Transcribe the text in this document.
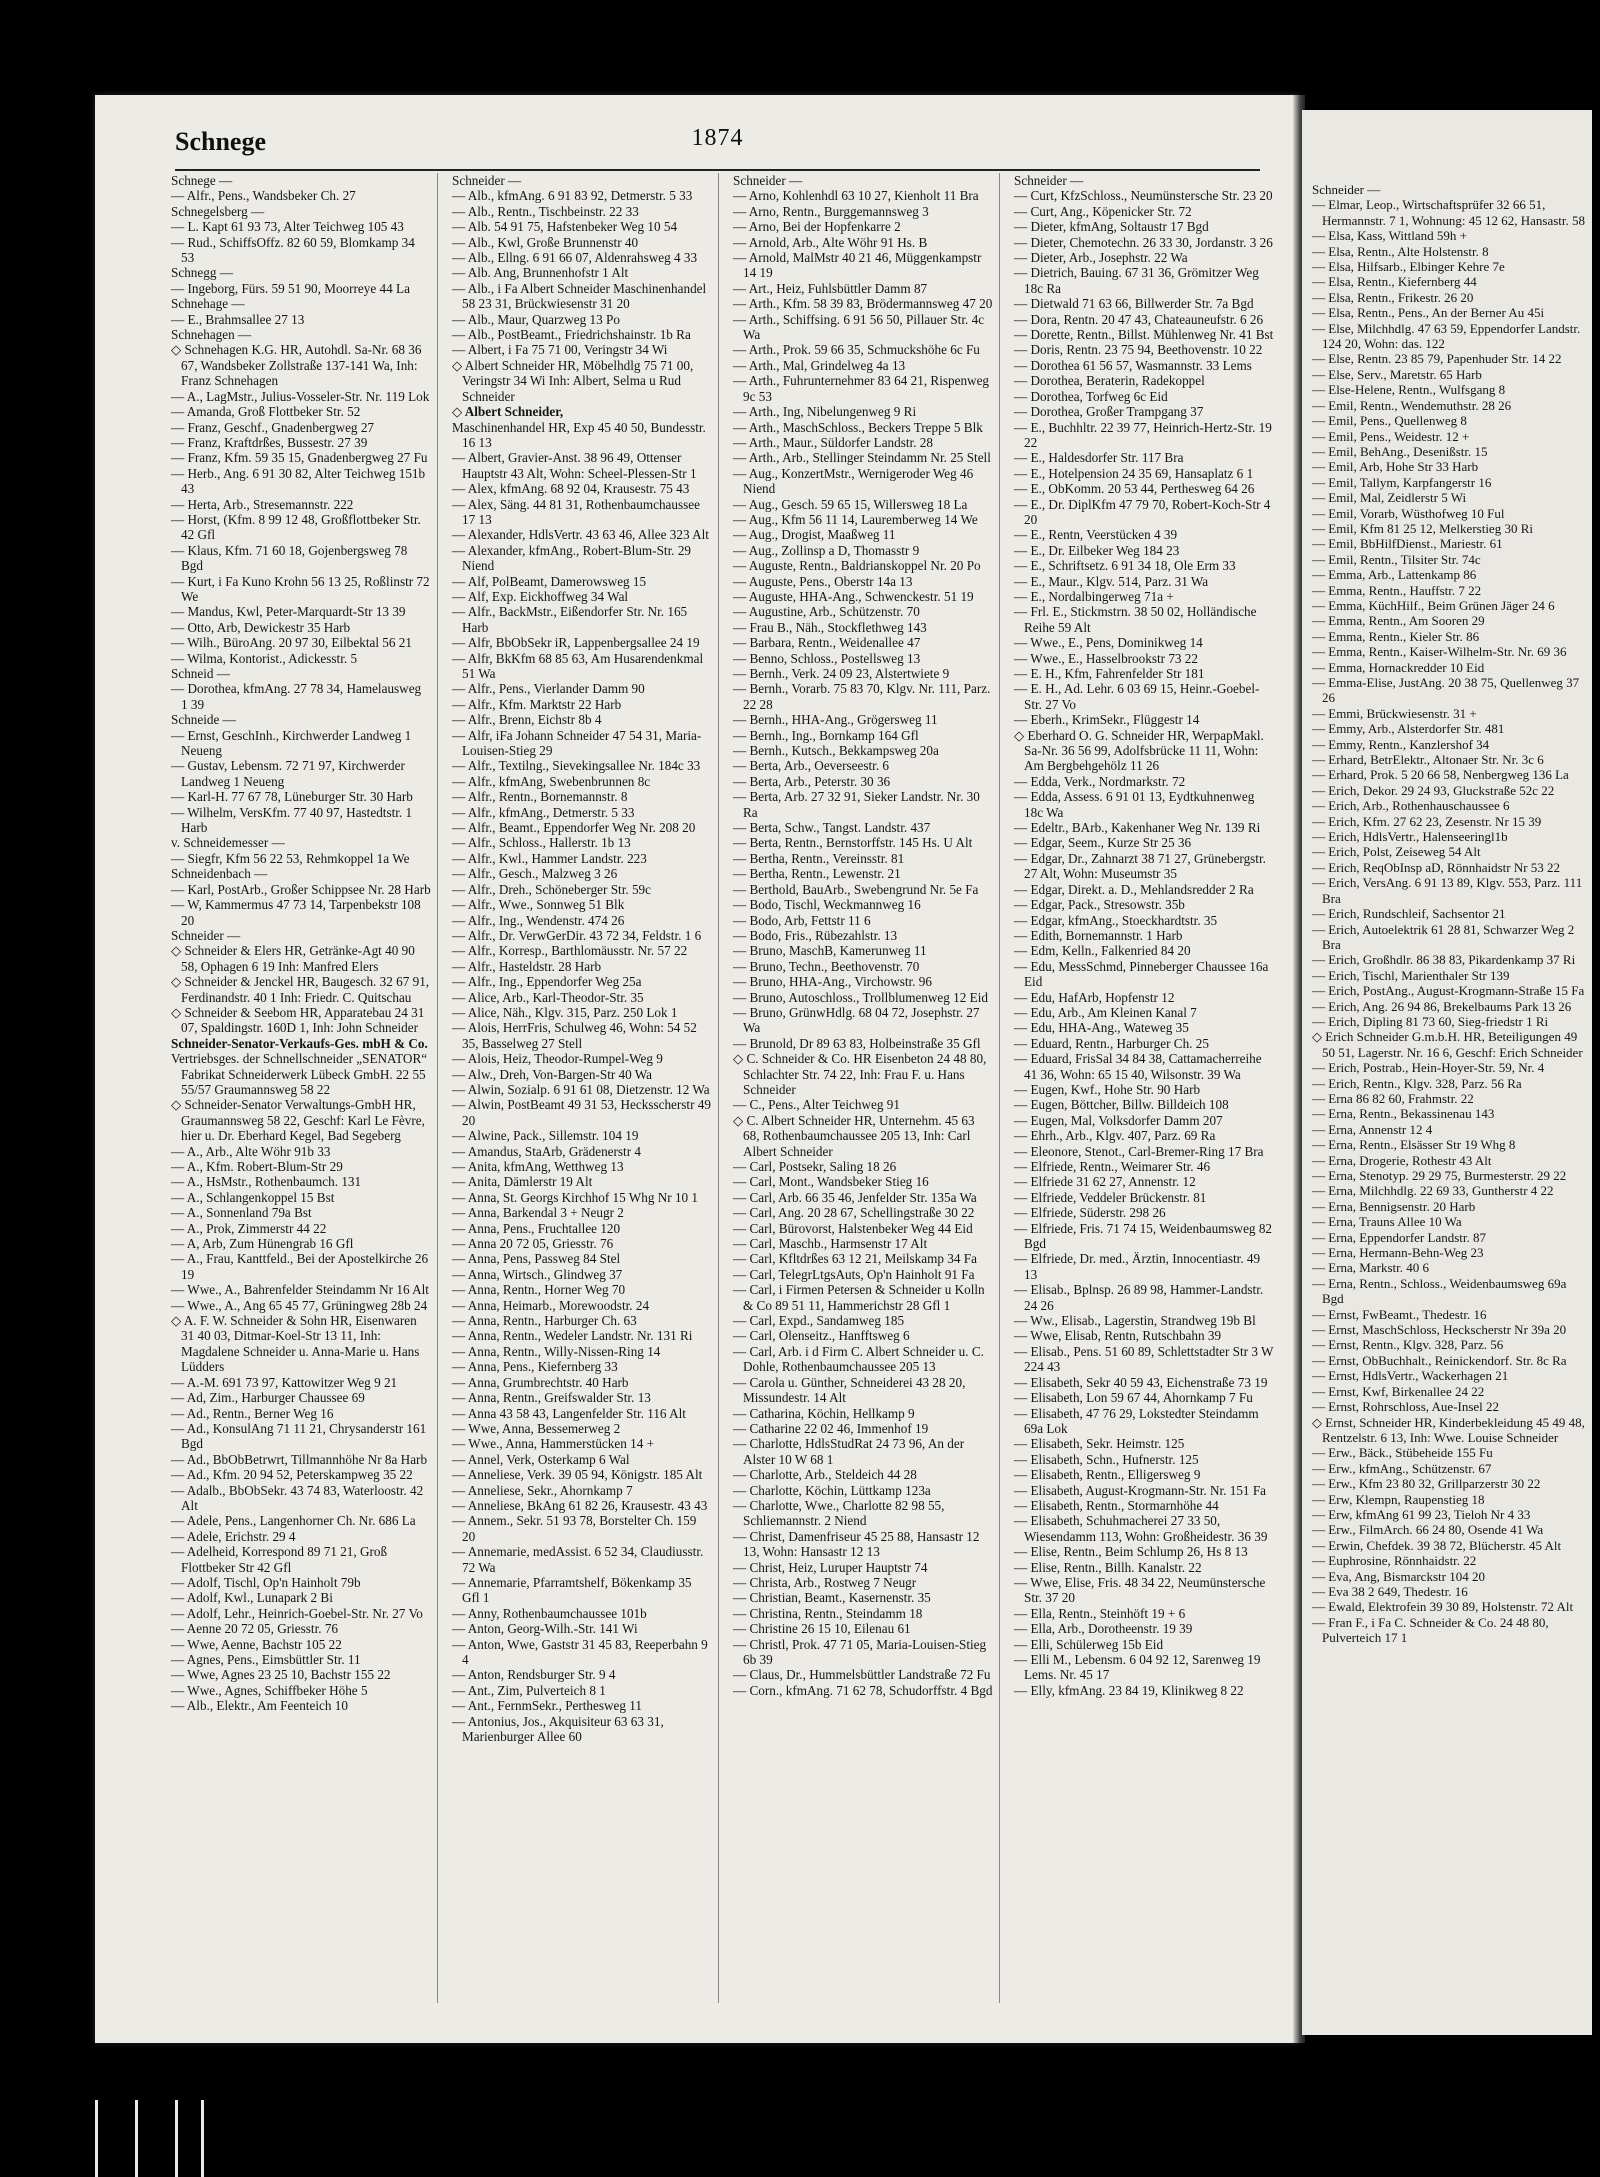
Schnege	1874

Schnege —

— Alfr., Pens., Wandsbeker Ch. 27

Schnegelsberg —

— L. Kapt 61 93 73, Alter Teichweg 105 43

— Rud., SchiffsOffz. 82 60 59, Blomkamp 34 53

Schnegg —

— Ingeborg, Fürs. 59 51 90, Moorreye 44 La

Schnehage —

— E., Brahmsallee 27 13

Schnehagen —

◇ Schnehagen K.G. HR, Autohdl. Sa-Nr. 68 36 67, Wandsbeker Zollstraße 137-141 Wa, Inh: Franz Schnehagen

— A., LagMstr., Julius-Vosseler-Str. Nr. 119 Lok

— Amanda, Groß Flottbeker Str. 52

— Franz, Geschf., Gnadenbergweg 27

— Franz, Kraftdrßes, Bussestr. 27 39

— Franz, Kfm. 59 35 15, Gnadenbergweg 27 Fu

— Herb., Ang. 6 91 30 82, Alter Teichweg 151b 43

— Herta, Arb., Stresemannstr. 222

— Horst, (Kfm. 8 99 12 48, Großflottbeker Str. 42 Gfl

— Klaus, Kfm. 71 60 18, Gojenbergsweg 78 Bgd

— Kurt, i Fa Kuno Krohn 56 13 25, Roßlinstr 72 We

— Mandus, Kwl, Peter-Marquardt-Str 13 39

— Otto, Arb, Dewickestr 35 Harb

— Wilh., BüroAng. 20 97 30, Eilbektal 56 21

— Wilma, Kontorist., Adickesstr. 5

Schneid —

— Dorothea, kfmAng. 27 78 34, Hamelausweg 1 39

Schneide —

— Ernst, GeschInh., Kirchwerder Landweg 1 Neueng

— Gustav, Lebensm. 72 71 97, Kirchwerder Landweg 1 Neueng

— Karl-H. 77 67 78, Lüneburger Str. 30 Harb

— Wilhelm, VersKfm. 77 40 97, Hastedtstr. 1 Harb

v. Schneidemesser —

— Siegfr, Kfm 56 22 53, Rehmkoppel 1a We

Schneidenbach —

— Karl, PostArb., Großer Schippsee Nr. 28 Harb

— W, Kammermus 47 73 14, Tarpenbekstr 108 20

Schneider —

◇ Schneider & Elers HR, Getränke-Agt 40 90 58, Ophagen 6 19 Inh: Manfred Elers

◇ Schneider & Jenckel HR, Baugesch. 32 67 91, Ferdinandstr. 40 1 Inh: Friedr. C. Quitschau

◇ Schneider & Seebom HR, Apparatebau 24 31 07, Spaldingstr. 160D 1, Inh: John Schneider

Schneider-Senator-Verkaufs-Ges. mbH & Co.

Vertriebsges. der Schnellschneider „SENATOR“ Fabrikat Schneiderwerk Lübeck GmbH. 22 55 55/57 Graumannsweg 58 22

◇ Schneider-Senator Verwaltungs-GmbH HR, Graumannsweg 58 22, Geschf: Karl Le Fèvre, hier u. Dr. Eberhard Kegel, Bad Segeberg

— A., Arb., Alte Wöhr 91b 33

— A., Kfm. Robert-Blum-Str 29

— A., HsMstr., Rothenbaumch. 131

— A., Schlangenkoppel 15 Bst

— A., Sonnenland 79a Bst

— A., Prok, Zimmerstr 44 22

— A, Arb, Zum Hünengrab 16 Gfl

— A., Frau, Kanttfeld., Bei der Apostelkirche 26 19

— Wwe., A., Bahrenfelder Steindamm Nr 16 Alt

— Wwe., A., Ang 65 45 77, Grüningweg 28b 24

◇ A. F. W. Schneider & Sohn HR, Eisenwaren 31 40 03, Ditmar-Koel-Str 13 11, Inh: Magdalene Schneider u. Anna-Marie u. Hans Lüdders

— A.-M. 691 73 97, Kattowitzer Weg 9 21

— Ad, Zim., Harburger Chaussee 69

— Ad., Rentn., Berner Weg 16

— Ad., KonsulAng 71 11 21, Chrysanderstr 161 Bgd

— Ad., BbObBetrwrt, Tillmannhöhe Nr 8a Harb

— Ad., Kfm. 20 94 52, Peterskampweg 35 22

— Adalb., BbObSekr. 43 74 83, Waterloostr. 42 Alt

— Adele, Pens., Langenhorner Ch. Nr. 686 La

— Adele, Erichstr. 29 4

— Adelheid, Korrespond 89 71 21, Groß Flottbeker Str 42 Gfl

— Adolf, Tischl, Op'n Hainholt 79b

— Adolf, Kwl., Lunapark 2 Bi

— Adolf, Lehr., Heinrich-Goebel-Str. Nr. 27 Vo

— Aenne 20 72 05, Griesstr. 76

— Wwe, Aenne, Bachstr 105 22

— Agnes, Pens., Eimsbüttler Str. 11

— Wwe, Agnes 23 25 10, Bachstr 155 22

— Wwe., Agnes, Schiffbeker Höhe 5

— Alb., Elektr., Am Feenteich 10

Schneider —

— Alb., kfmAng. 6 91 83 92, Detmerstr. 5 33

— Alb., Rentn., Tischbeinstr. 22 33

— Alb. 54 91 75, Hafstenbeker Weg 10 54

— Alb., Kwl, Große Brunnenstr 40

— Alb., Ellng. 6 91 66 07, Aldenrahsweg 4 33

— Alb. Ang, Brunnenhofstr 1 Alt

— Alb., i Fa Albert Schneider Maschinenhandel 58 23 31, Brückwiesenstr 31 20

— Alb., Maur, Quarzweg 13 Po

— Alb., PostBeamt., Friedrichshainstr. 1b Ra

— Albert, i Fa 75 71 00, Veringstr 34 Wi

◇ Albert Schneider HR, Möbelhdlg 75 71 00, Veringstr 34 Wi Inh: Albert, Selma u Rud Schneider

◇ Albert Schneider,

Maschinenhandel HR, Exp 45 40 50, Bundesstr. 16 13

— Albert, Gravier-Anst. 38 96 49, Ottenser Hauptstr 43 Alt, Wohn: Scheel-Plessen-Str 1

— Alex, kfmAng. 68 92 04, Krausestr. 75 43

— Alex, Säng. 44 81 31, Rothenbaumchaussee 17 13

— Alexander, HdlsVertr. 43 63 46, Allee 323 Alt

— Alexander, kfmAng., Robert-Blum-Str. 29 Niend

— Alf, PolBeamt, Damerowsweg 15

— Alf, Exp. Eickhoffweg 34 Wal

— Alfr., BackMstr., Eißendorfer Str. Nr. 165 Harb

— Alfr, BbObSekr iR, Lappenbergsallee 24 19

— Alfr, BkKfm 68 85 63, Am Husarendenkmal 51 Wa

— Alfr., Pens., Vierlander Damm 90

— Alfr., Kfm. Marktstr 22 Harb

— Alfr., Brenn, Eichstr 8b 4

— Alfr, iFa Johann Schneider 47 54 31, Maria-Louisen-Stieg 29

— Alfr., Textilng., Sievekingsallee Nr. 184c 33

— Alfr., kfmAng, Swebenbrunnen 8c

— Alfr., Rentn., Bornemannstr. 8

— Alfr., kfmAng., Detmerstr. 5 33

— Alfr., Beamt., Eppendorfer Weg Nr. 208 20

— Alfr., Schloss., Hallerstr. 1b 13

— Alfr., Kwl., Hammer Landstr. 223

— Alfr., Gesch., Malzweg 3 26

— Alfr., Dreh., Schöneberger Str. 59c

— Alfr., Wwe., Sonnweg 51 Blk

— Alfr., Ing., Wendenstr. 474 26

— Alfr., Dr. VerwGerDir. 43 72 34, Feldstr. 1 6

— Alfr., Korresp., Barthlomäusstr. Nr. 57 22

— Alfr., Hasteldstr. 28 Harb

— Alfr., Ing., Eppendorfer Weg 25a

— Alice, Arb., Karl-Theodor-Str. 35

— Alice, Näh., Klgv. 315, Parz. 250 Lok 1

— Alois, HerrFris, Schulweg 46, Wohn: 54 52 35, Basselweg 27 Stell

— Alois, Heiz, Theodor-Rumpel-Weg 9

— Alw., Dreh, Von-Bargen-Str 40 Wa

— Alwin, Sozialp. 6 91 61 08, Dietzenstr. 12 Wa

— Alwin, PostBeamt 49 31 53, Hecksscherstr 49 20

— Alwine, Pack., Sillemstr. 104 19

— Amandus, StaArb, Grädenerstr 4

— Anita, kfmAng, Wetthweg 13

— Anita, Dämlerstr 19 Alt

— Anna, St. Georgs Kirchhof 15 Whg Nr 10 1

— Anna, Barkendal 3 + Neugr 2

— Anna, Pens., Fruchtallee 120

— Anna 20 72 05, Griesstr. 76

— Anna, Pens, Passweg 84 Stel

— Anna, Wirtsch., Glindweg 37

— Anna, Rentn., Horner Weg 70

— Anna, Heimarb., Morewoodstr. 24

— Anna, Rentn., Harburger Ch. 63

— Anna, Rentn., Wedeler Landstr. Nr. 131 Ri

— Anna, Rentn., Willy-Nissen-Ring 14

— Anna, Pens., Kiefernberg 33

— Anna, Grumbrechtstr. 40 Harb

— Anna, Rentn., Greifswalder Str. 13

— Anna 43 58 43, Langenfelder Str. 116 Alt

— Wwe, Anna, Bessemerweg 2

— Wwe., Anna, Hammerstücken 14 +

— Annel, Verk, Osterkamp 6 Wal

— Anneliese, Verk. 39 05 94, Königstr. 185 Alt

— Anneliese, Sekr., Ahornkamp 7

— Anneliese, BkAng 61 82 26, Krausestr. 43 43

— Annem., Sekr. 51 93 78, Borstelter Ch. 159 20

— Annemarie, medAssist. 6 52 34, Claudiusstr. 72 Wa

— Annemarie, Pfarramtshelf, Bökenkamp 35 Gfl 1

— Anny, Rothenbaumchaussee 101b

— Anton, Georg-Wilh.-Str. 141 Wi

— Anton, Wwe, Gaststr 31 45 83, Reeperbahn 9 4

— Anton, Rendsburger Str. 9 4

— Ant., Zim, Pulverteich 8 1

— Ant., FernmSekr., Perthesweg 11

— Antonius, Jos., Akquisiteur 63 63 31, Marienburger Allee 60

Schneider —

— Arno, Kohlenhdl 63 10 27, Kienholt 11 Bra

— Arno, Rentn., Burggemannsweg 3

— Arno, Bei der Hopfenkarre 2

— Arnold, Arb., Alte Wöhr 91 Hs. B

— Arnold, MalMstr 40 21 46, Müggenkampstr 14 19

— Art., Heiz, Fuhlsbüttler Damm 87

— Arth., Kfm. 58 39 83, Brödermannsweg 47 20

— Arth., Schiffsing. 6 91 56 50, Pillauer Str. 4c Wa

— Arth., Prok. 59 66 35, Schmuckshöhe 6c Fu

— Arth., Mal, Grindelweg 4a 13

— Arth., Fuhrunternehmer 83 64 21, Rispenweg 9c 53

— Arth., Ing, Nibelungenweg 9 Ri

— Arth., MaschSchloss., Beckers Treppe 5 Blk

— Arth., Maur., Süldorfer Landstr. 28

— Arth., Arb., Stellinger Steindamm Nr. 25 Stell

— Aug., KonzertMstr., Wernigeroder Weg 46 Niend

— Aug., Gesch. 59 65 15, Willersweg 18 La

— Aug., Kfm 56 11 14, Lauremberweg 14 We

— Aug., Drogist, Maaßweg 11

— Aug., Zollinsp a D, Thomasstr 9

— Auguste, Rentn., Baldrianskoppel Nr. 20 Po

— Auguste, Pens., Oberstr 14a 13

— Auguste, HHA-Ang., Schwenckestr. 51 19

— Augustine, Arb., Schützenstr. 70

— Frau B., Näh., Stockflethweg 143

— Barbara, Rentn., Weidenallee 47

— Benno, Schloss., Postellsweg 13

— Bernh., Verk. 24 09 23, Alstertwiete 9

— Bernh., Vorarb. 75 83 70, Klgv. Nr. 111, Parz. 22 28

— Bernh., HHA-Ang., Grögersweg 11

— Bernh., Ing., Bornkamp 164 Gfl

— Bernh., Kutsch., Bekkampsweg 20a

— Berta, Arb., Oeverseestr. 6

— Berta, Arb., Peterstr. 30 36

— Berta, Arb. 27 32 91, Sieker Landstr. Nr. 30 Ra

— Berta, Schw., Tangst. Landstr. 437

— Berta, Rentn., Bernstorffstr. 145 Hs. U Alt

— Bertha, Rentn., Vereinsstr. 81

— Bertha, Rentn., Lewenstr. 21

— Berthold, BauArb., Swebengrund Nr. 5e Fa

— Bodo, Tischl, Weckmannweg 16

— Bodo, Arb, Fettstr 11 6

— Bodo, Fris., Rübezahlstr. 13

— Bruno, MaschB, Kamerunweg 11

— Bruno, Techn., Beethovenstr. 70

— Bruno, HHA-Ang., Virchowstr. 96

— Bruno, Autoschloss., Trollblumenweg 12 Eid

— Bruno, GrünwHdlg. 68 04 72, Josephstr. 27 Wa

— Brunold, Dr 89 63 83, Holbeinstraße 35 Gfl

◇ C. Schneider & Co. HR Eisenbeton 24 48 80, Schlachter Str. 74 22, Inh: Frau F. u. Hans Schneider

— C., Pens., Alter Teichweg 91

◇ C. Albert Schneider HR, Unternehm. 45 63 68, Rothenbaumchaussee 205 13, Inh: Carl Albert Schneider

— Carl, Postsekr, Saling 18 26

— Carl, Mont., Wandsbeker Stieg 16

— Carl, Arb. 66 35 46, Jenfelder Str. 135a Wa

— Carl, Ang. 20 28 67, Schellingstraße 30 22

— Carl, Bürovorst, Halstenbeker Weg 44 Eid

— Carl, Maschb., Harmsenstr 17 Alt

— Carl, Kfltdrßes 63 12 21, Meilskamp 34 Fa

— Carl, TelegrLtgsAuts, Op'n Hainholt 91 Fa

— Carl, i Firmen Petersen & Schneider u Kolln & Co 89 51 11, Hammerichstr 28 Gfl 1

— Carl, Expd., Sandamweg 185

— Carl, Olenseitz., Hanfftsweg 6

— Carl, Arb. i d Firm C. Albert Schneider u. C. Dohle, Rothenbaumchaussee 205 13

— Carola u. Günther, Schneiderei 43 28 20, Missundestr. 14 Alt

— Catharina, Köchin, Hellkamp 9

— Catharine 22 02 46, Immenhof 19

— Charlotte, HdlsStudRat 24 73 96, An der Alster 10 W 68 1

— Charlotte, Arb., Steldeich 44 28

— Charlotte, Köchin, Lüttkamp 123a

— Charlotte, Wwe., Charlotte 82 98 55, Schliemannstr. 2 Niend

— Christ, Damenfriseur 45 25 88, Hansastr 12 13, Wohn: Hansastr 12 13

— Christ, Heiz, Luruper Hauptstr 74

— Christa, Arb., Rostweg 7 Neugr

— Christian, Beamt., Kasernenstr. 35

— Christina, Rentn., Steindamm 18

— Christine 26 15 10, Eilenau 61

— Christl, Prok. 47 71 05, Maria-Louisen-Stieg 6b 39

— Claus, Dr., Hummelsbüttler Landstraße 72 Fu

— Corn., kfmAng. 71 62 78, Schudorffstr. 4 Bgd

Schneider —

— Curt, KfzSchloss., Neumünstersche Str. 23 20

— Curt, Ang., Köpenicker Str. 72

— Dieter, kfmAng, Soltaustr 17 Bgd

— Dieter, Chemotechn. 26 33 30, Jordanstr. 3 26

— Dieter, Arb., Josephstr. 22 Wa

— Dietrich, Bauing. 67 31 36, Grömitzer Weg 18c Ra

— Dietwald 71 63 66, Billwerder Str. 7a Bgd

— Dora, Rentn. 20 47 43, Chateauneufstr. 6 26

— Dorette, Rentn., Billst. Mühlenweg Nr. 41 Bst

— Doris, Rentn. 23 75 94, Beethovenstr. 10 22

— Dorothea 61 56 57, Wasmannstr. 33 Lems

— Dorothea, Beraterin, Radekoppel

— Dorothea, Torfweg 6c Eid

— Dorothea, Großer Trampgang 37

— E., Buchhltr. 22 39 77, Heinrich-Hertz-Str. 19 22

— E., Haldesdorfer Str. 117 Bra

— E., Hotelpension 24 35 69, Hansaplatz 6 1

— E., ObKomm. 20 53 44, Perthesweg 64 26

— E., Dr. DiplKfm 47 79 70, Robert-Koch-Str 4 20

— E., Rentn, Veerstücken 4 39

— E., Dr. Eilbeker Weg 184 23

— E., Schriftsetz. 6 91 34 18, Ole Erm 33

— E., Maur., Klgv. 514, Parz. 31 Wa

— E., Nordalbingerweg 71a +

— Frl. E., Stickmstrn. 38 50 02, Holländische Reihe 59 Alt

— Wwe., E., Pens, Dominikweg 14

— Wwe., E., Hasselbrookstr 73 22

— E. H., Kfm, Fahrenfelder Str 181

— E. H., Ad. Lehr. 6 03 69 15, Heinr.-Goebel-Str. 27 Vo

— Eberh., KrimSekr., Flüggestr 14

◇ Eberhard O. G. Schneider HR, WerpapMakl. Sa-Nr. 36 56 99, Adolfsbrücke 11 11, Wohn: Am Bergbehgehölz 11 26

— Edda, Verk., Nordmarkstr. 72

— Edda, Assess. 6 91 01 13, Eydtkuhnenweg 18c Wa

— Edeltr., BArb., Kakenhaner Weg Nr. 139 Ri

— Edgar, Seem., Kurze Str 25 36

— Edgar, Dr., Zahnarzt 38 71 27, Grünebergstr. 27 Alt, Wohn: Museumstr 35

— Edgar, Direkt. a. D., Mehlandsredder 2 Ra

— Edgar, Pack., Stresowstr. 35b

— Edgar, kfmAng., Stoeckhardtstr. 35

— Edith, Bornemannstr. 1 Harb

— Edm, Kelln., Falkenried 84 20

— Edu, MessSchmd, Pinneberger Chaussee 16a Eid

— Edu, HafArb, Hopfenstr 12

— Edu, Arb., Am Kleinen Kanal 7

— Edu, HHA-Ang., Wateweg 35

— Eduard, Rentn., Harburger Ch. 25

— Eduard, FrisSal 34 84 38, Cattamacherreihe 41 36, Wohn: 65 15 40, Wilsonstr. 39 Wa

— Eugen, Kwf., Hohe Str. 90 Harb

— Eugen, Böttcher, Billw. Billdeich 108

— Eugen, Mal, Volksdorfer Damm 207

— Ehrh., Arb., Klgv. 407, Parz. 69 Ra

— Eleonore, Stenot., Carl-Bremer-Ring 17 Bra

— Elfriede, Rentn., Weimarer Str. 46

— Elfriede 31 62 27, Annenstr. 12

— Elfriede, Veddeler Brückenstr. 81

— Elfriede, Süderstr. 298 26

— Elfriede, Fris. 71 74 15, Weidenbaumsweg 82 Bgd

— Elfriede, Dr. med., Ärztin, Innocentiastr. 49 13

— Elisab., Bplnsp. 26 89 98, Hammer-Landstr. 24 26

— Ww., Elisab., Lagerstin, Strandweg 19b Bl

— Wwe, Elisab, Rentn, Rutschbahn 39

— Elisab., Pens. 51 60 89, Schlettstadter Str 3 W 224 43

— Elisabeth, Sekr 40 59 43, Eichenstraße 73 19

— Elisabeth, Lon 59 67 44, Ahornkamp 7 Fu

— Elisabeth, 47 76 29, Lokstedter Steindamm 69a Lok

— Elisabeth, Sekr. Heimstr. 125

— Elisabeth, Schn., Hufnerstr. 125

— Elisabeth, Rentn., Elligersweg 9

— Elisabeth, August-Krogmann-Str. Nr. 151 Fa

— Elisabeth, Rentn., Stormarnhöhe 44

— Elisabeth, Schuhmacherei 27 33 50, Wiesendamm 113, Wohn: Großheidestr. 36 39

— Elise, Rentn., Beim Schlump 26, Hs 8 13

— Elise, Rentn., Billh. Kanalstr. 22

— Wwe, Elise, Fris. 48 34 22, Neumünstersche Str. 37 20

— Ella, Rentn., Steinhöft 19 + 6

— Ella, Arb., Dorotheenstr. 19 39

— Elli, Schülerweg 15b Eid

— Elli M., Lebensm. 6 04 92 12, Sarenweg 19 Lems. Nr. 45 17

— Elly, kfmAng. 23 84 19, Klinikweg 8 22

Schneider —

— Elmar, Leop., Wirtschaftsprüfer 32 66 51, Hermannstr. 7 1, Wohnung: 45 12 62, Hansastr. 58

— Elsa, Kass, Wittland 59h +

— Elsa, Rentn., Alte Holstenstr. 8

— Elsa, Hilfsarb., Elbinger Kehre 7e

— Elsa, Rentn., Kiefernberg 44

— Elsa, Rentn., Frikestr. 26 20

— Elsa, Rentn., Pens., An der Berner Au 45i

— Else, Milchhdlg. 47 63 59, Eppendorfer Landstr. 124 20, Wohn: das. 122

— Else, Rentn. 23 85 79, Papenhuder Str. 14 22

— Else, Serv., Maretstr. 65 Harb

— Else-Helene, Rentn., Wulfsgang 8

— Emil, Rentn., Wendemuthstr. 28 26

— Emil, Pens., Quellenweg 8

— Emil, Pens., Weidestr. 12 +

— Emil, BehAng., Desenißstr. 15

— Emil, Arb, Hohe Str 33 Harb

— Emil, Tallym, Karpfangerstr 16

— Emil, Mal, Zeidlerstr 5 Wi

— Emil, Vorarb, Wüsthofweg 10 Ful

— Emil, Kfm 81 25 12, Melkerstieg 30 Ri

— Emil, BbHilfDienst., Mariestr. 61

— Emil, Rentn., Tilsiter Str. 74c

— Emma, Arb., Lattenkamp 86

— Emma, Rentn., Hauffstr. 7 22

— Emma, KüchHilf., Beim Grünen Jäger 24 6

— Emma, Rentn., Am Sooren 29

— Emma, Rentn., Kieler Str. 86

— Emma, Rentn., Kaiser-Wilhelm-Str. Nr. 69 36

— Emma, Hornackredder 10 Eid

— Emma-Elise, JustAng. 20 38 75, Quellenweg 37 26

— Emmi, Brückwiesenstr. 31 +

— Emmy, Arb., Alsterdorfer Str. 481

— Emmy, Rentn., Kanzlershof 34

— Erhard, BetrElektr., Altonaer Str. Nr. 3c 6

— Erhard, Prok. 5 20 66 58, Nenbergweg 136 La

— Erich, Dekor. 29 24 93, Gluckstraße 52c 22

— Erich, Arb., Rothenhauschaussee 6

— Erich, Kfm. 27 62 23, Zesenstr. Nr 15 39

— Erich, HdlsVertr., Halenseeringl1b

— Erich, Polst, Zeiseweg 54 Alt

— Erich, ReqObInsp aD, Rönnhaidstr Nr 53 22

— Erich, VersAng. 6 91 13 89, Klgv. 553, Parz. 111 Bra

— Erich, Rundschleif, Sachsentor 21

— Erich, Autoelektrik 61 28 81, Schwarzer Weg 2 Bra

— Erich, Großhdlr. 86 38 83, Pikardenkamp 37 Ri

— Erich, Tischl, Marienthaler Str 139

— Erich, PostAng., August-Krogmann-Straße 15 Fa

— Erich, Ang. 26 94 86, Brekelbaums Park 13 26

— Erich, Dipling 81 73 60, Sieg-friedstr 1 Ri

◇ Erich Schneider G.m.b.H. HR, Beteiligungen 49 50 51, Lagerstr. Nr. 16 6, Geschf: Erich Schneider

— Erich, Postrab., Hein-Hoyer-Str. 59, Nr. 4

— Erich, Rentn., Klgv. 328, Parz. 56 Ra

— Erna 86 82 60, Frahmstr. 22

— Erna, Rentn., Bekassinenau 143

— Erna, Annenstr 12 4

— Erna, Rentn., Elsässer Str 19 Whg 8

— Erna, Drogerie, Rothestr 43 Alt

— Erna, Stenotyp. 29 29 75, Burmesterstr. 29 22

— Erna, Milchhdlg. 22 69 33, Guntherstr 4 22

— Erna, Bennigsenstr. 20 Harb

— Erna, Trauns Allee 10 Wa

— Erna, Eppendorfer Landstr. 87

— Erna, Hermann-Behn-Weg 23

— Erna, Markstr. 40 6

— Erna, Rentn., Schloss., Weidenbaumsweg 69a Bgd

— Ernst, FwBeamt., Thedestr. 16

— Ernst, MaschSchloss, Heckscherstr Nr 39a 20

— Ernst, Rentn., Klgv. 328, Parz. 56

— Ernst, ObBuchhalt., Reinickendorf. Str. 8c Ra

— Ernst, HdlsVertr., Wackerhagen 21

— Ernst, Kwf, Birkenallee 24 22

— Ernst, Rohrschloss, Aue-Insel 22

◇ Ernst, Schneider HR, Kinderbekleidung 45 49 48, Rentzelstr. 6 13, Inh: Wwe. Louise Schneider

— Erw., Bäck., Stübeheide 155 Fu

— Erw., kfmAng., Schützenstr. 67

— Erw., Kfm 23 80 32, Grillparzerstr 30 22

— Erw, Klempn, Raupenstieg 18

— Erw, kfmAng 61 99 23, Tieloh Nr 4 33

— Erw., FilmArch. 66 24 80, Osende 41 Wa

— Erwin, Chefdek. 39 38 72, Blücherstr. 45 Alt

— Euphrosine, Rönnhaidstr. 22

— Eva, Ang, Bismarckstr 104 20

— Eva 38 2 649, Thedestr. 16

— Ewald, Elektrofein 39 30 89, Holstenstr. 72 Alt

— Fran F., i Fa C. Schneider & Co. 24 48 80, Pulverteich 17 1
